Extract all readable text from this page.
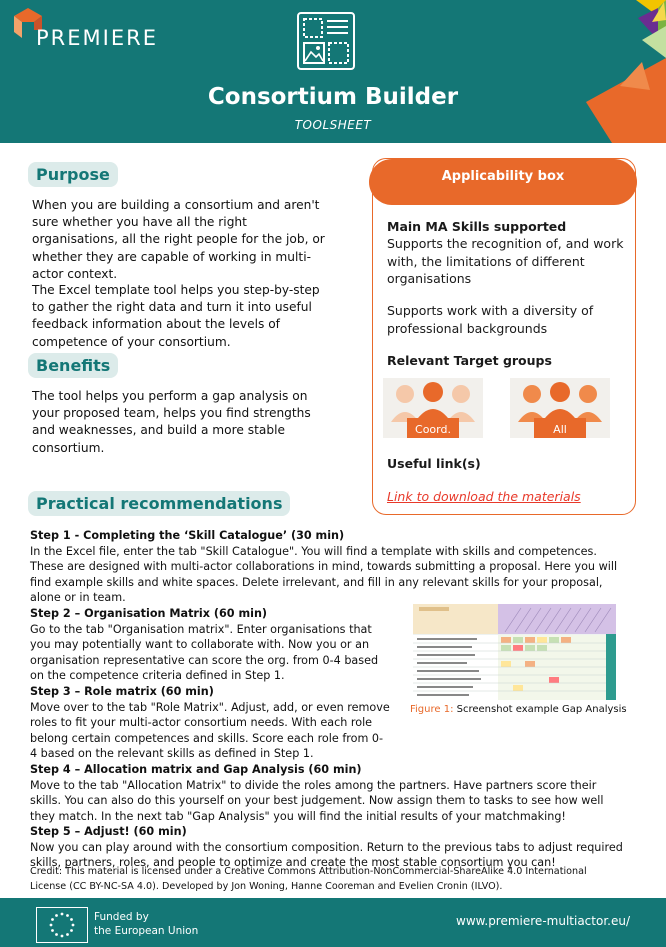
PREMIERE
Consortium Builder
TOOLSHEET
Purpose
When you are building a consortium and aren't sure whether you have all the right organisations, all the right people for the job, or whether they are capable of working in multi-actor context.
The Excel template tool helps you step-by-step to gather the right data and turn it into useful feedback information about the levels of competence of your consortium.
Benefits
The tool helps you perform a gap analysis on your proposed team, helps you find strengths and weaknesses, and build a more stable consortium.
Applicability box
Main MA Skills supported
Supports the recognition of, and work with, the limitations of different organisations
Supports work with a diversity of professional backgrounds
Relevant Target groups
Useful link(s)
Link to download the materials
Coord.	All
Practical recommendations

Step 1 - Completing the ‘Skill Catalogue’ (30 min)

In the Excel file, enter the tab "Skill Catalogue". You will find a template with skills and competences. These are designed with multi-actor collaborations in mind, towards submitting a proposal. Here you will find example skills and white spaces. Delete irrelevant, and fill in any relevant skills for your proposal, alone or in team.

Step 2 – Organisation Matrix (60 min)

Go to the tab "Organisation matrix". Enter organisations that you may potentially want to collaborate with. Now you or an organisation representative can score the org. from 0-4 based on the competence criteria defined in Step 1.

Step 3 – Role matrix (60 min)

Move over to the tab "Role Matrix". Adjust, add, or even remove roles to fit your multi-actor consortium needs. With each role belong certain competences and skills. Score each role from 0-4 based on the relevant skills as defined in Step 1.

Step 4 – Allocation matrix and Gap Analysis (60 min)

Move to the tab "Allocation Matrix" to divide the roles among the partners. Have partners score their skills. You can also do this yourself on your best judgement. Now assign them to tasks to see how well they match. In the next tab "Gap Analysis" you will find the initial results of your matchmaking!

Step 5 – Adjust! (60 min)

Now you can play around with the consortium composition. Return to the previous tabs to adjust required skills, partners, roles, and people to optimize and create the most stable consortium you can!

Figure 1: Screenshot example Gap Analysis
Credit: This material is licensed under a Creative Commons Attribution-NonCommercial-ShareAlike 4.0 International License (CC BY-NC-SA 4.0). Developed by Jon Woning, Hanne Cooreman and Evelien Cronin (ILVO).
Funded by
the European Union
www.premiere-multiactor.eu/
